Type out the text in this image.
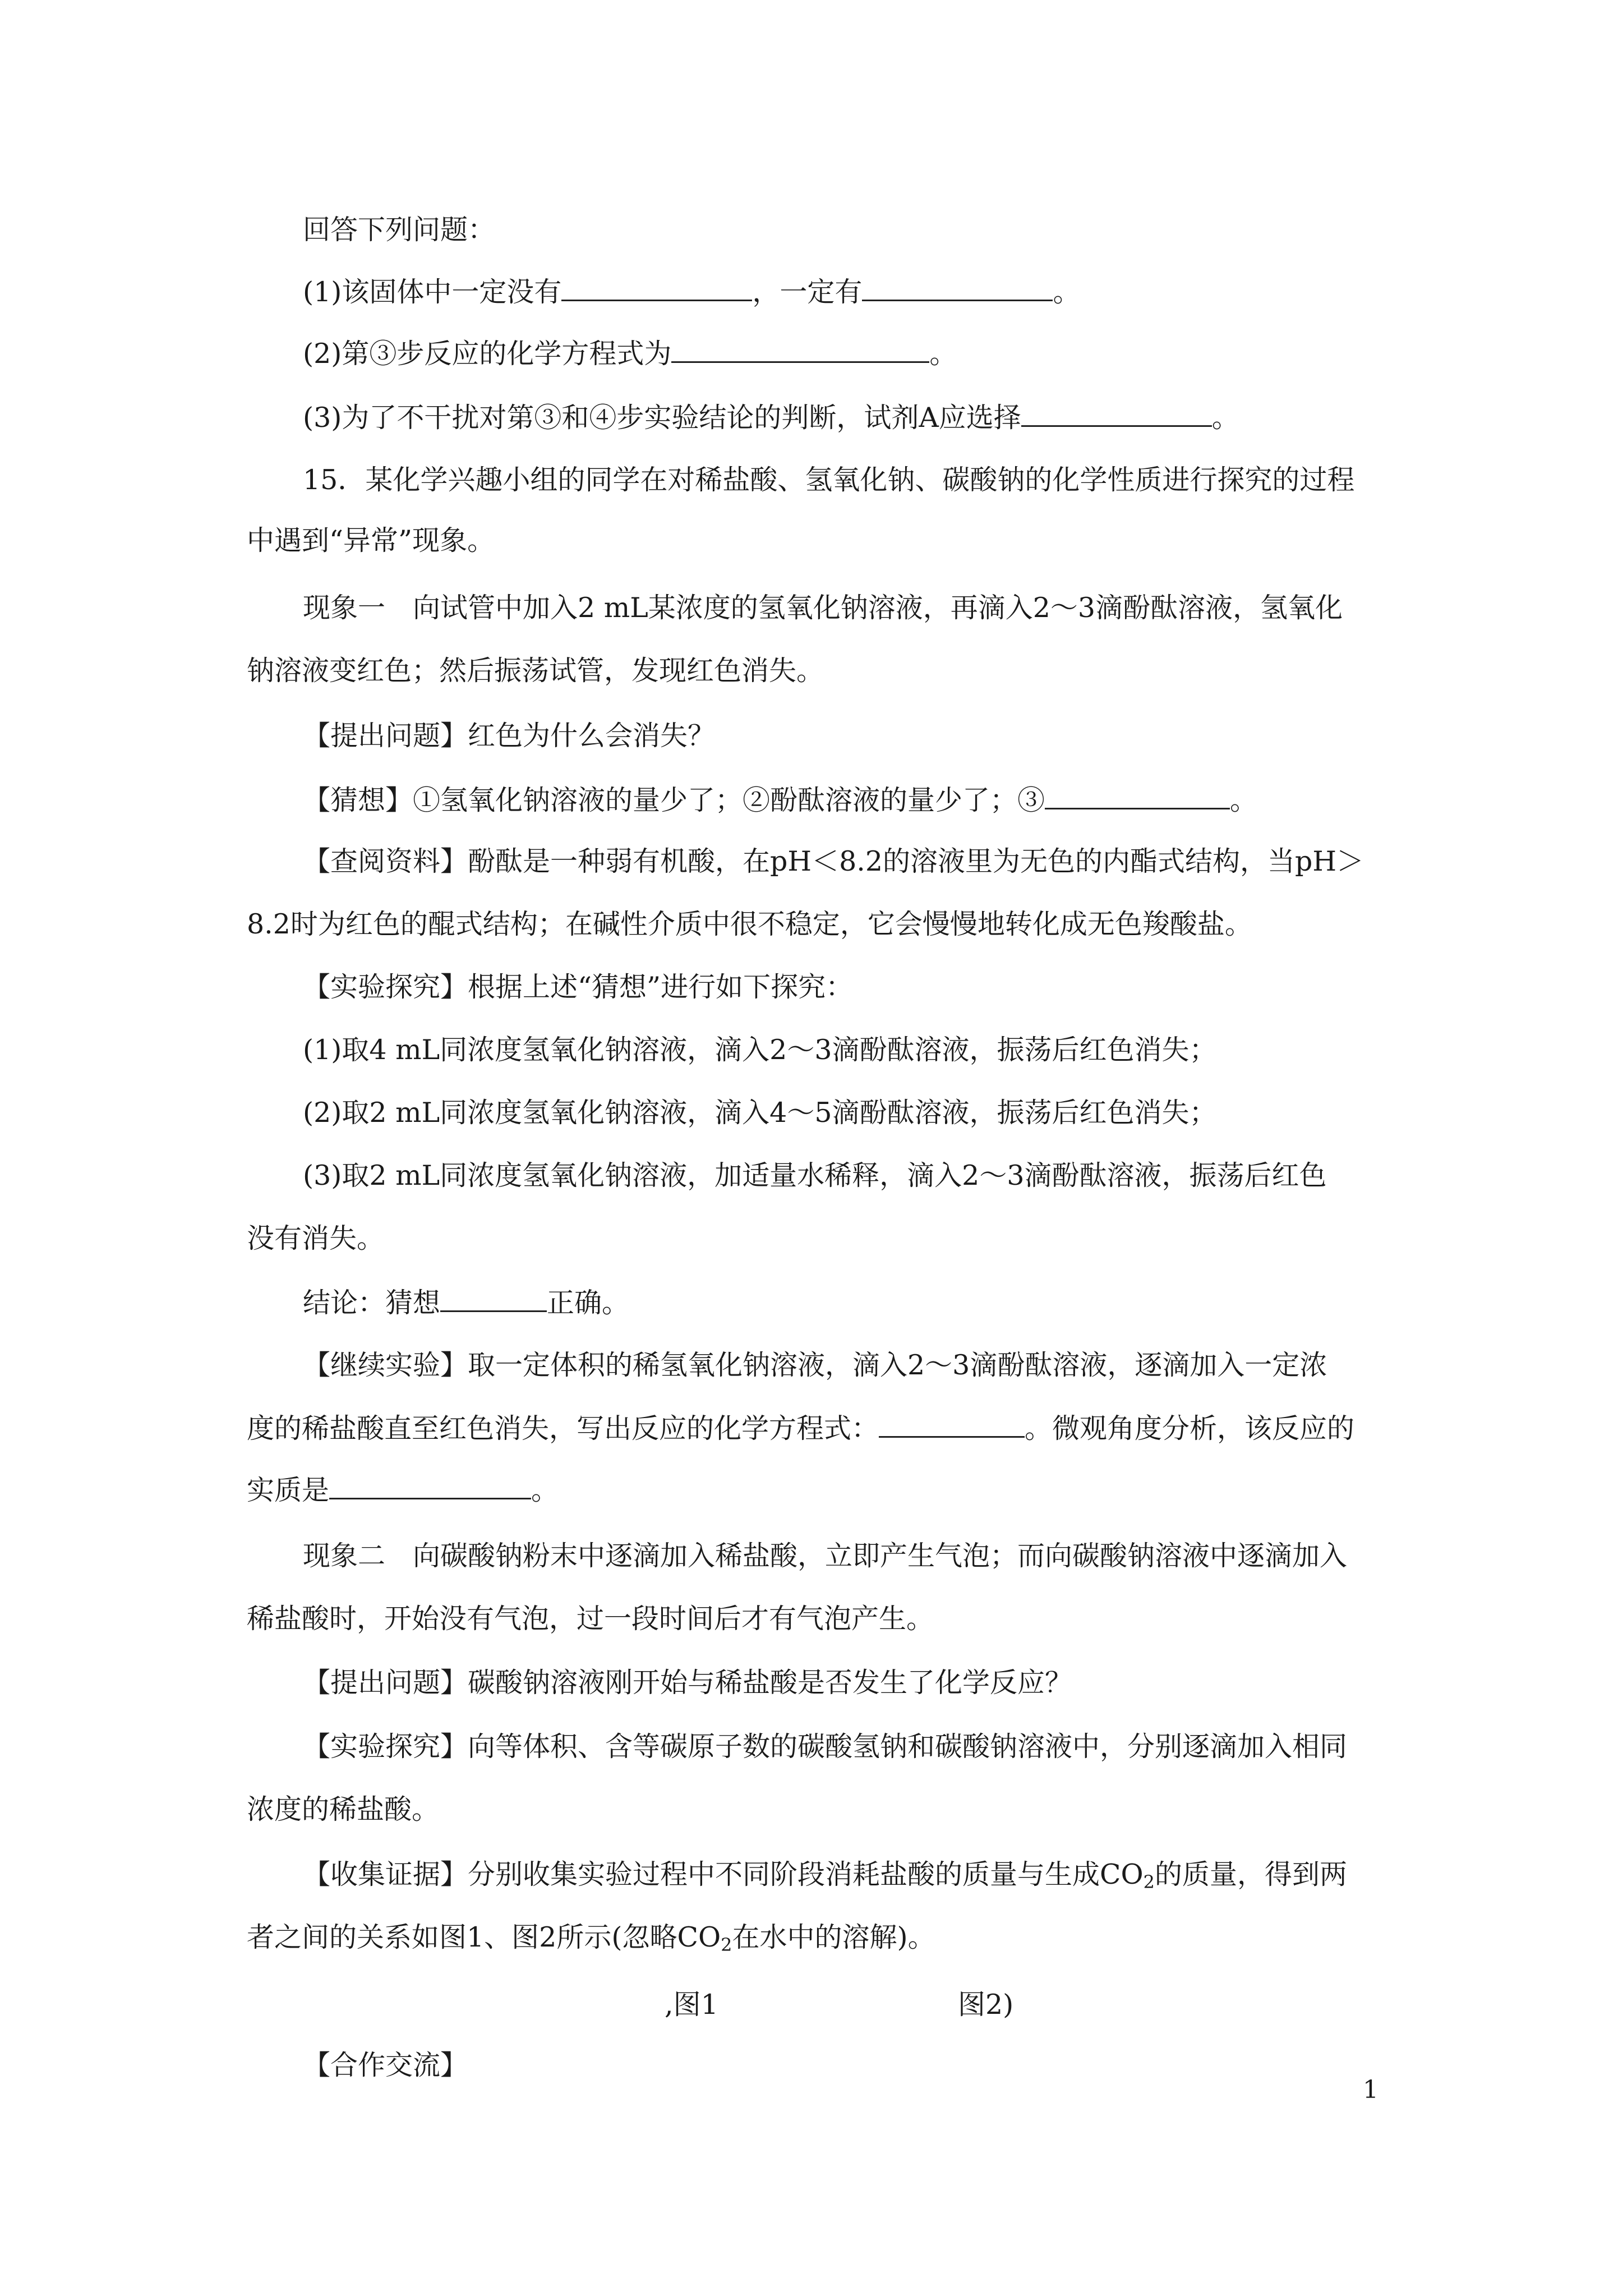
回答下列问题：
(1)该固体中一定没有	，一定有	。
(2)第③步反应的化学方程式为	。
(3)为了不干扰对第③和④步实验结论的判断，试剂A应选择	。
15．某化学兴趣小组的同学在对稀盐酸、氢氧化钠、碳酸钠的化学性质进行探究的过程
中遇到“异常”现象。
现象一　向试管中加入2 mL某浓度的氢氧化钠溶液，再滴入2～3滴酚酞溶液，氢氧化
钠溶液变红色；然后振荡试管，发现红色消失。
【提出问题】红色为什么会消失？
【猜想】①氢氧化钠溶液的量少了；②酚酞溶液的量少了；③	。
【查阅资料】酚酞是一种弱有机酸，在pH＜8.2的溶液里为无色的内酯式结构，当pH＞
8.2时为红色的醌式结构；在碱性介质中很不稳定，它会慢慢地转化成无色羧酸盐。
【实验探究】根据上述“猜想”进行如下探究：
(1)取4 mL同浓度氢氧化钠溶液，滴入2～3滴酚酞溶液，振荡后红色消失；
(2)取2 mL同浓度氢氧化钠溶液，滴入4～5滴酚酞溶液，振荡后红色消失；
(3)取2 mL同浓度氢氧化钠溶液，加适量水稀释，滴入2～3滴酚酞溶液，振荡后红色
没有消失。
结论：猜想	正确。
【继续实验】取一定体积的稀氢氧化钠溶液，滴入2～3滴酚酞溶液，逐滴加入一定浓
度的稀盐酸直至红色消失，写出反应的化学方程式：	。微观角度分析，该反应的
实质是	。
现象二　向碳酸钠粉末中逐滴加入稀盐酸，立即产生气泡；而向碳酸钠溶液中逐滴加入
稀盐酸时，开始没有气泡，过一段时间后才有气泡产生。
【提出问题】碳酸钠溶液刚开始与稀盐酸是否发生了化学反应？
【实验探究】向等体积、含等碳原子数的碳酸氢钠和碳酸钠溶液中，分别逐滴加入相同
浓度的稀盐酸。
【收集证据】分别收集实验过程中不同阶段消耗盐酸的质量与生成$CO_2$的质量，得到两
者之间的关系如图1、图2所示(忽略$CO_2$在水中的溶解)。
,图1	图2)
【合作交流】
1
